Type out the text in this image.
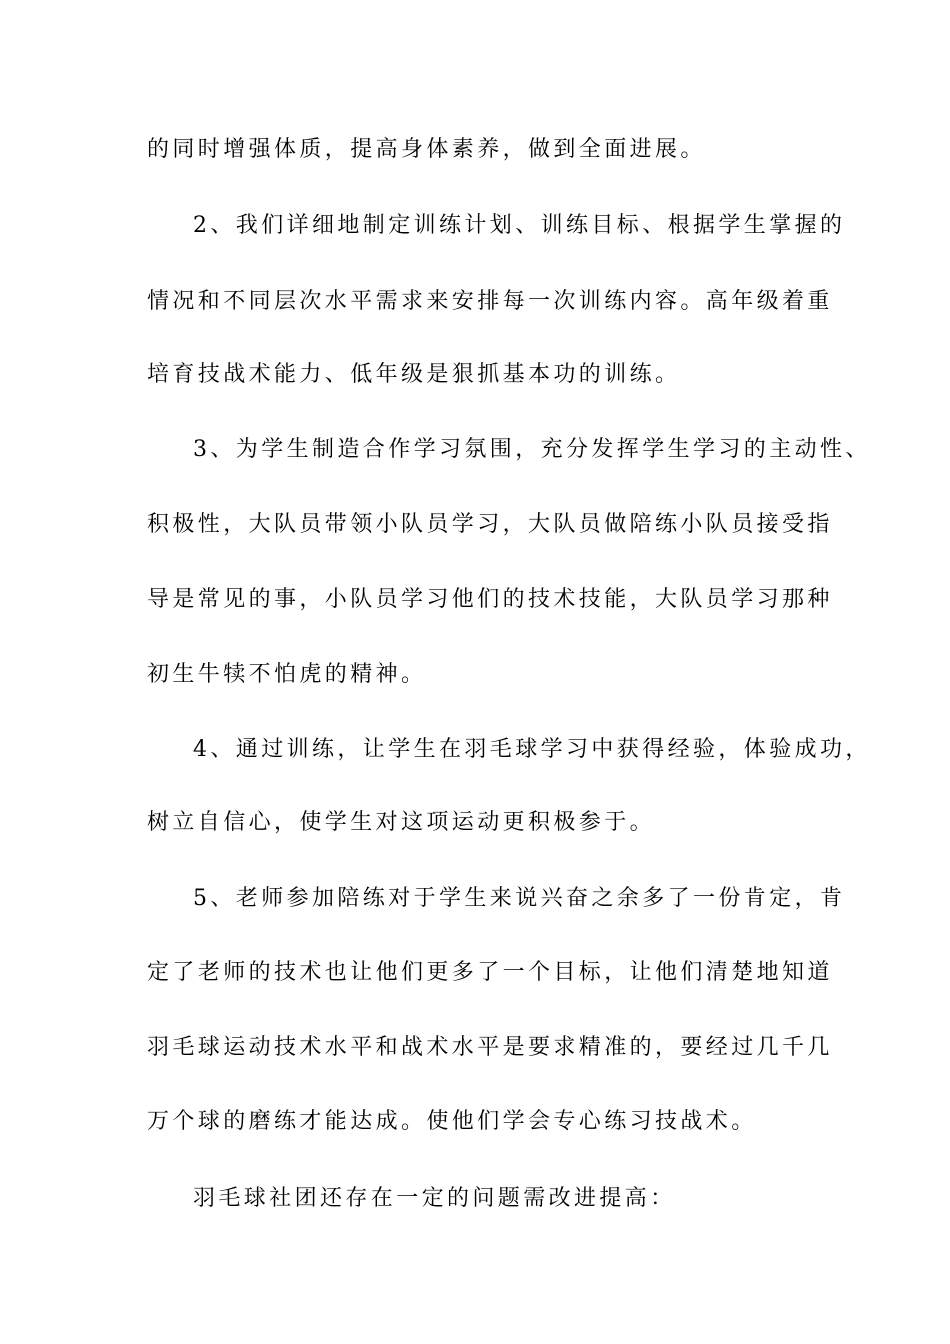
的同时增强体质，提高身体素养，做到全面进展。
2、我们详细地制定训练计划、训练目标、根据学生掌握的
情况和不同层次水平需求来安排每一次训练内容。高年级着重
培育技战术能力、低年级是狠抓基本功的训练。
3、为学生制造合作学习氛围，充分发挥学生学习的主动性、
积极性，大队员带领小队员学习，大队员做陪练小队员接受指
导是常见的事，小队员学习他们的技术技能，大队员学习那种
初生牛犊不怕虎的精神。
4、通过训练，让学生在羽毛球学习中获得经验，体验成功，
树立自信心，使学生对这项运动更积极参于。
5、老师参加陪练对于学生来说兴奋之余多了一份肯定，肯
定了老师的技术也让他们更多了一个目标，让他们清楚地知道
羽毛球运动技术水平和战术水平是要求精准的，要经过几千几
万个球的磨练才能达成。使他们学会专心练习技战术。
羽毛球社团还存在一定的问题需改进提高：
